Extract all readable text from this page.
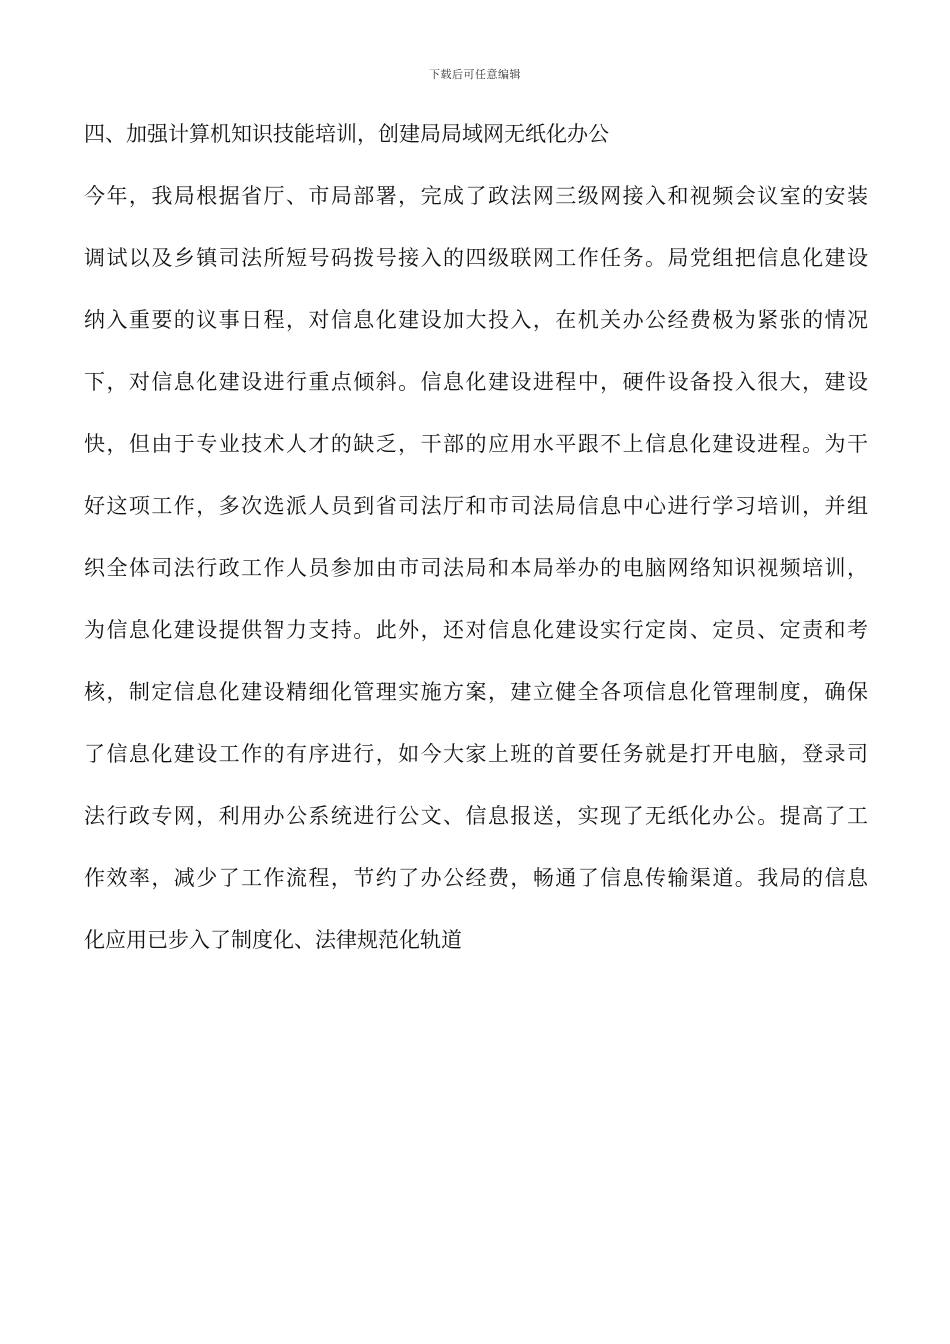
下载后可任意编辑
四、加强计算机知识技能培训，创建局局域网无纸化办公
今年，我局根据省厅、市局部署，完成了政法网三级网接入和视频会议室的安装
调试以及乡镇司法所短号码拨号接入的四级联网工作任务。局党组把信息化建设
纳入重要的议事日程，对信息化建设加大投入，在机关办公经费极为紧张的情况
下，对信息化建设进行重点倾斜。信息化建设进程中，硬件设备投入很大，建设
快，但由于专业技术人才的缺乏，干部的应用水平跟不上信息化建设进程。为干
好这项工作，多次选派人员到省司法厅和市司法局信息中心进行学习培训，并组
织全体司法行政工作人员参加由市司法局和本局举办的电脑网络知识视频培训，
为信息化建设提供智力支持。此外，还对信息化建设实行定岗、定员、定责和考
核，制定信息化建设精细化管理实施方案，建立健全各项信息化管理制度，确保
了信息化建设工作的有序进行，如今大家上班的首要任务就是打开电脑，登录司
法行政专网，利用办公系统进行公文、信息报送，实现了无纸化办公。提高了工
作效率，减少了工作流程，节约了办公经费，畅通了信息传输渠道。我局的信息
化应用已步入了制度化、法律规范化轨道
